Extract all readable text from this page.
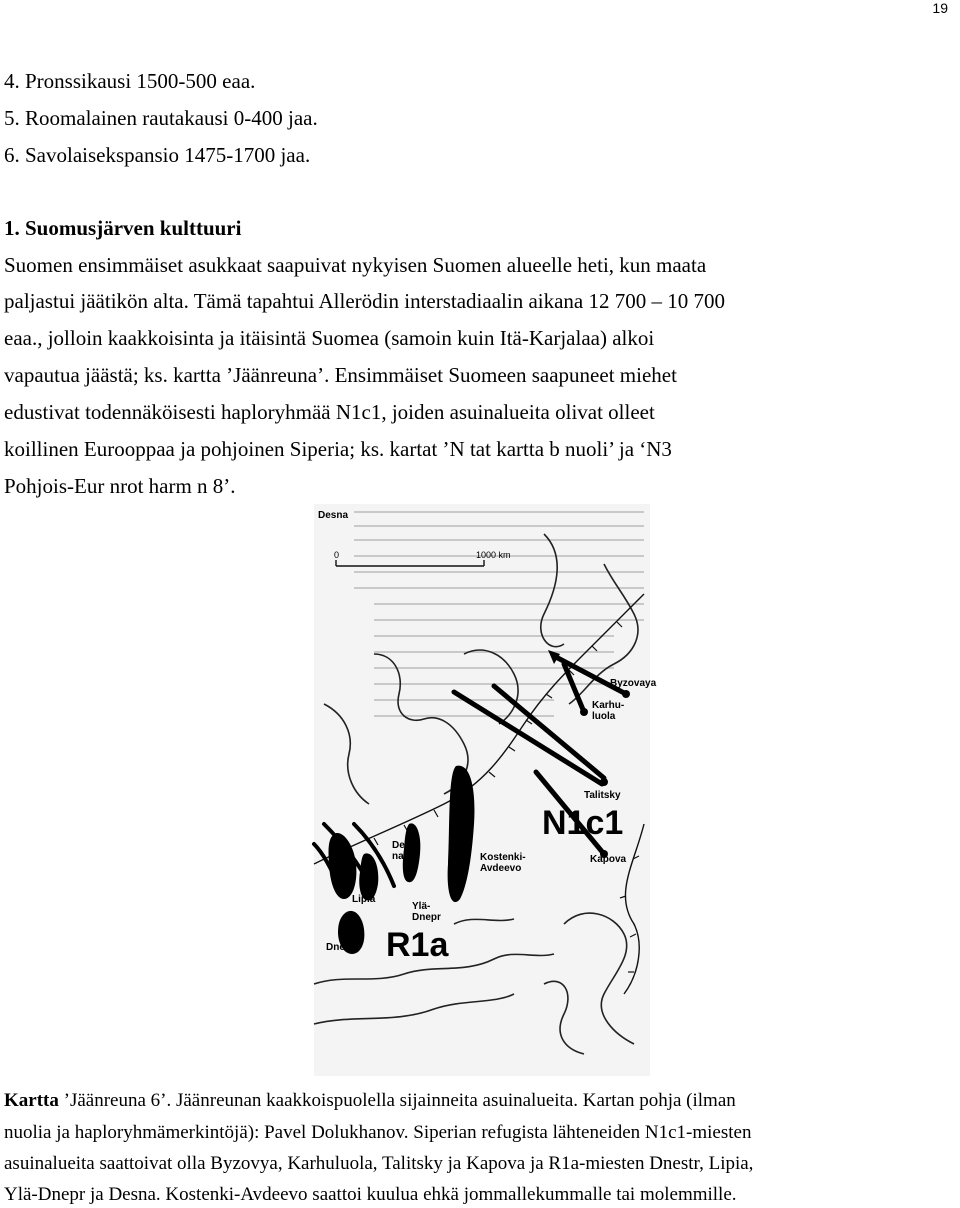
19
4. Pronssikausi 1500-500 eaa.
5. Roomalainen rautakausi 0-400 jaa.
6. Savolaisekspansio 1475-1700 jaa.
1. Suomusjärven kulttuuri
Suomen ensimmäiset asukkaat saapuivat nykyisen Suomen alueelle heti, kun maata
paljastui jäätikön alta. Tämä tapahtui Allerödin interstadiaalin aikana 12 700 – 10 700
eaa., jolloin kaakkoisinta ja itäisintä Suomea (samoin kuin Itä-Karjalaa) alkoi
vapautua jäästä; ks. kartta ’Jäänreuna’. Ensimmäiset Suomeen saapuneet miehet
edustivat todennäköisesti haploryhmää N1c1, joiden asuinalueita olivat olleet
koillinen Eurooppaa ja pohjoinen Siperia; ks. kartat ’N tat kartta b nuoli’ ja ‘N3
Pohjois-Eur nrot harm n 8’.
0	1000 km
Desna
Byzovaya
Karhu-luola
Talitsky
Kapova
Kostenki-Avdeevo
Des na
Lipia
Ylä-Dnepr
Dnestr
N1c1
R1a
Kartta ’Jäänreuna 6’. Jäänreunan kaakkoispuolella sijainneita asuinalueita. Kartan pohja (ilman
nuolia ja haploryhmämerkintöjä): Pavel Dolukhanov. Siperian refugista lähteneiden N1c1-miesten
asuinalueita saattoivat olla Byzovya, Karhuluola, Talitsky ja Kapova ja R1a-miesten Dnestr, Lipia,
Ylä-Dnepr ja Desna. Kostenki-Avdeevo saattoi kuulua ehkä jommallekummalle tai molemmille.
